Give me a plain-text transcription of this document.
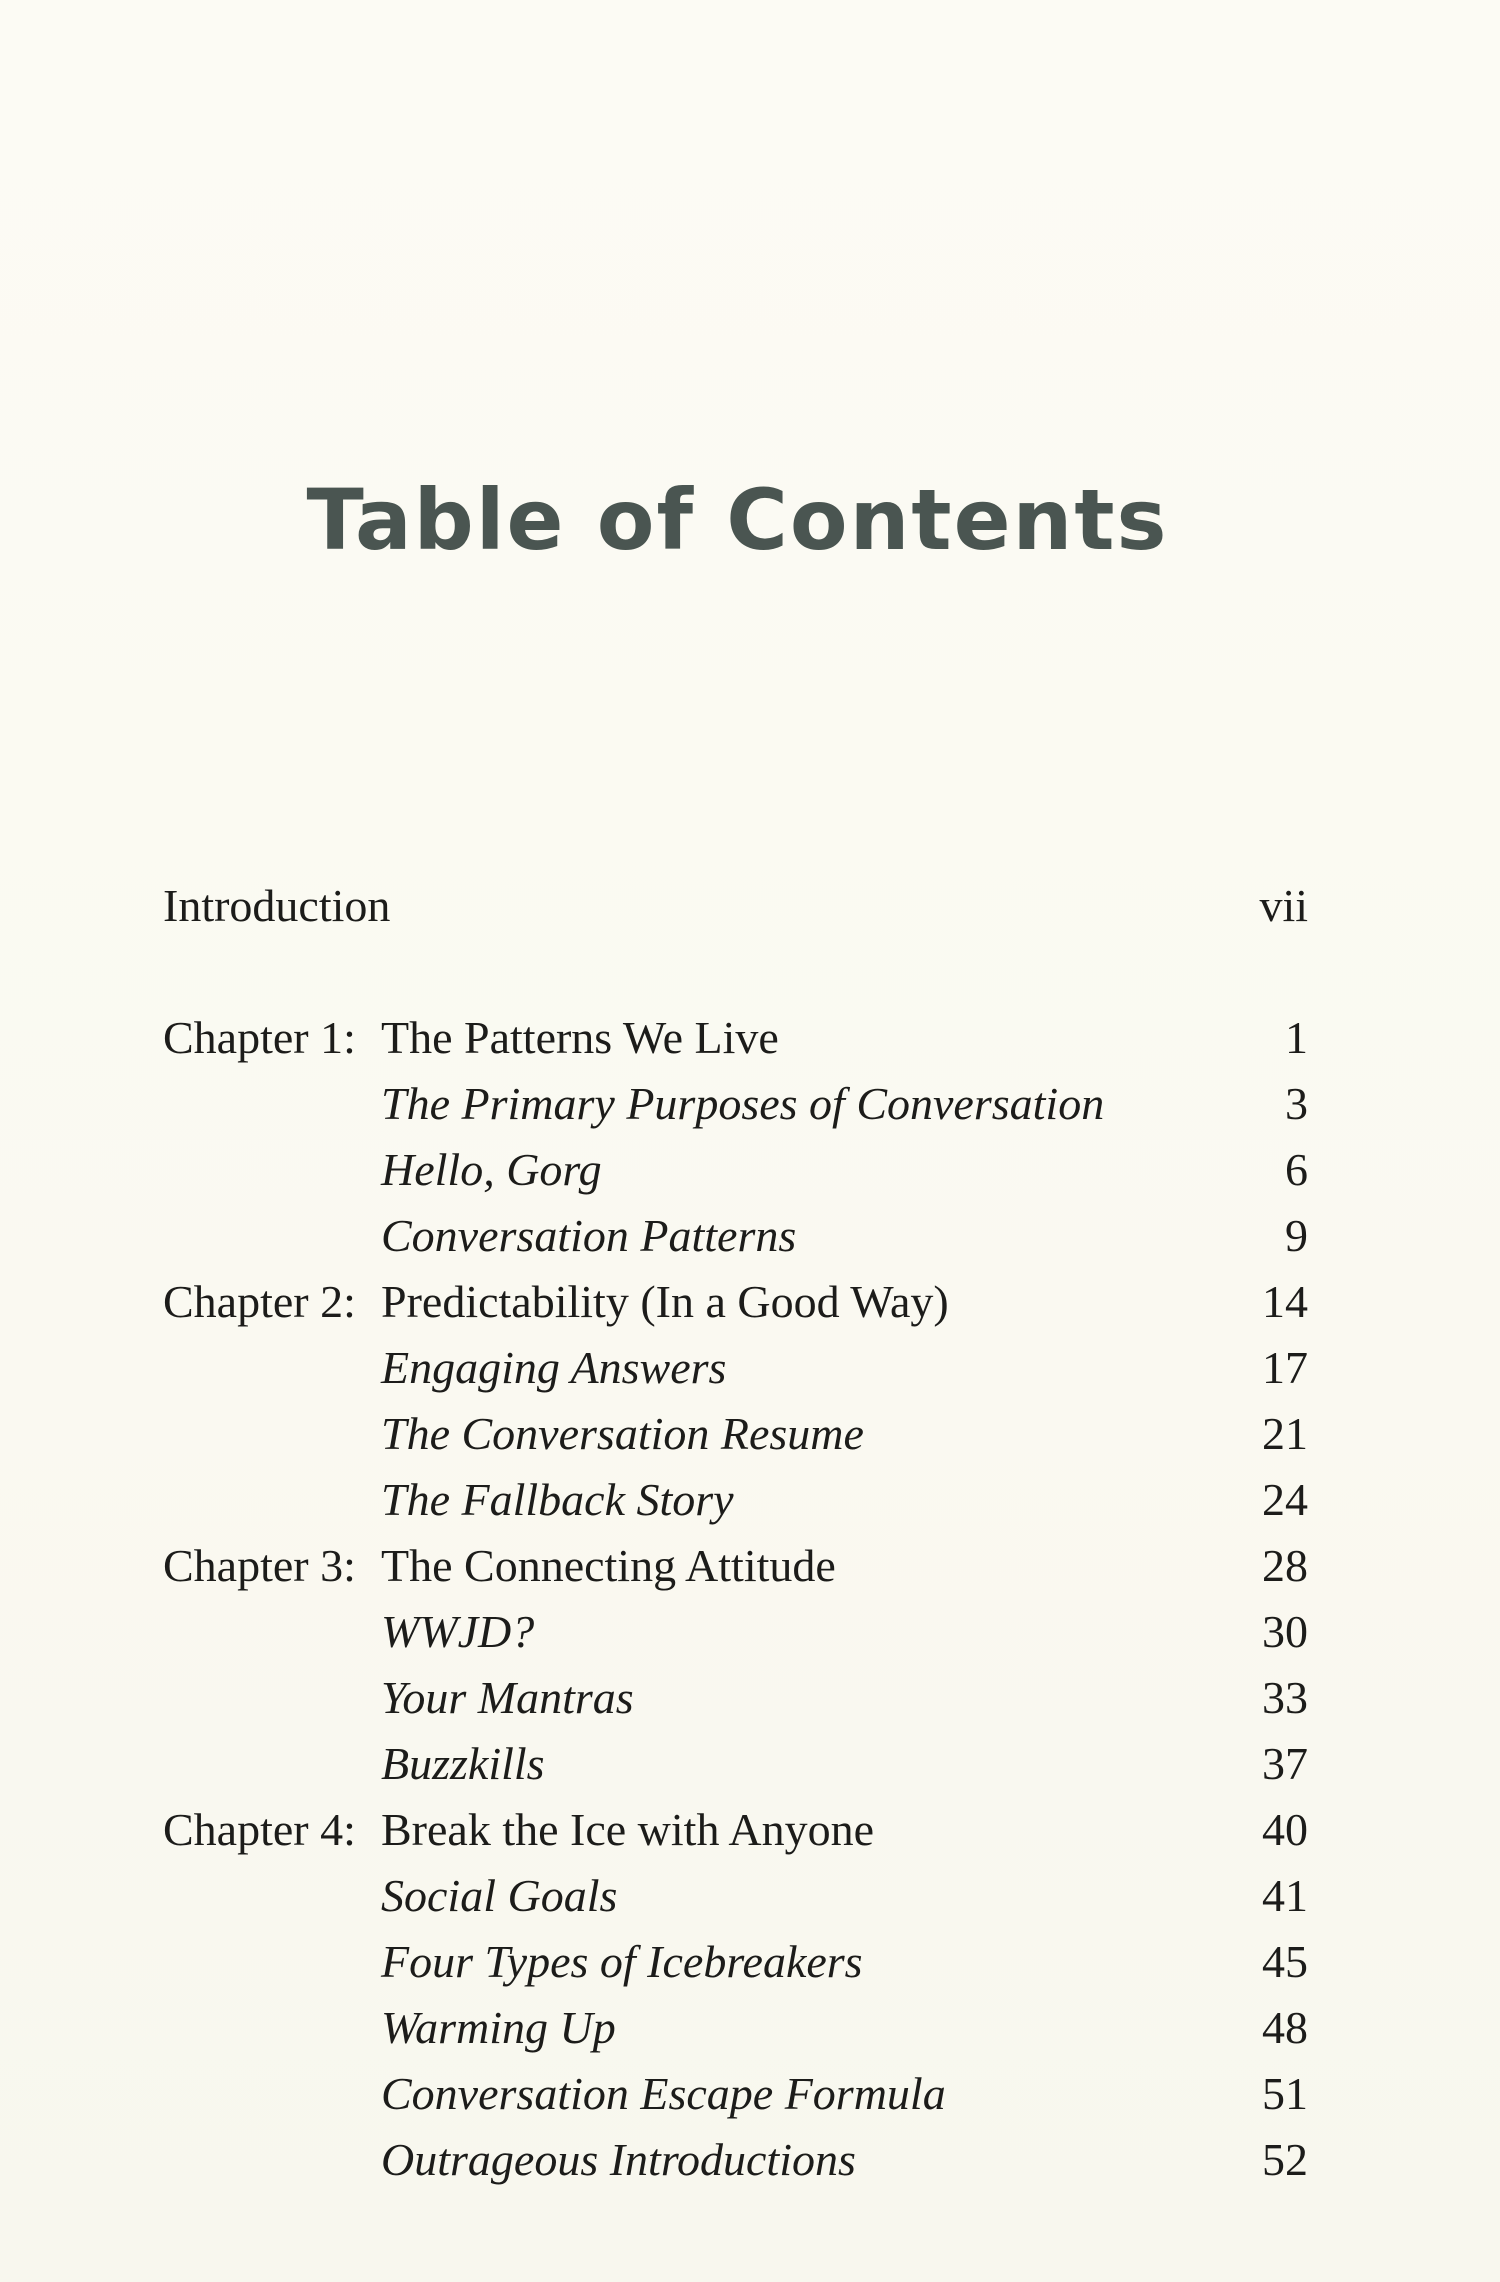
Table of Contents
Introduction	vii
Chapter 1: The Patterns We Live	1
The Primary Purposes of Conversation	3
Hello, Gorg	6
Conversation Patterns	9
Chapter 2: Predictability (In a Good Way)	14
Engaging Answers	17
The Conversation Resume	21
The Fallback Story	24
Chapter 3: The Connecting Attitude	28
WWJD?	30
Your Mantras	33
Buzzkills	37
Chapter 4: Break the Ice with Anyone	40
Social Goals	41
Four Types of Icebreakers	45
Warming Up	48
Conversation Escape Formula	51
Outrageous Introductions	52
